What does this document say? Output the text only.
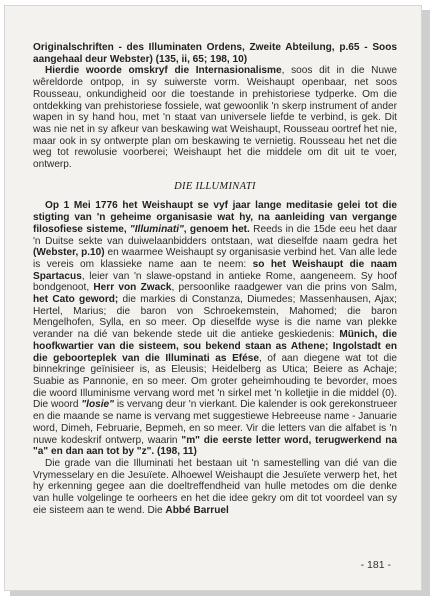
Originalschriften - des Illuminaten Ordens, Zweite Abteilung, p.65 - Soos aangehaal deur Webster) (135, ii, 65; 198, 10)

Hierdie woorde omskryf die Internasionalisme, soos dit in die Nuwe wêreldorde ontpop, in sy suiwerste vorm. Weishaupt openbaar, net soos Rousseau, onkundigheid oor die toestande in prehistoriese tydperke. Om die ontdekking van prehistoriese fossiele, wat gewoonlik 'n skerp instrument of ander wapen in sy hand hou, met 'n staat van universele liefde te verbind, is gek. Dit was nie net in sy afkeur van beskawing wat Weishaupt, Rousseau oortref het nie, maar ook in sy ontwerpte plan om beskawing te vernietig. Rousseau het net die weg tot rewolusie voorberei; Weishaupt het die middele om dit uit te voer, ontwerp.

DIE ILLUMINATI

Op 1 Mei 1776 het Weishaupt se vyf jaar lange meditasie gelei tot die stigting van 'n geheime organisasie wat hy, na aanleiding van vergange filosofiese sisteme, "Illuminati", genoem het. Reeds in die 15de eeu het daar 'n Duitse sekte van duiwelaanbidders ontstaan, wat dieselfde naam gedra het (Webster, p.10) en waarmee Weishaupt sy organisasie verbind het. Van alle lede is vereis om klassieke name aan te neem: so het Weishaupt die naam Spartacus, leier van 'n slawe-opstand in antieke Rome, aangeneem. Sy hoof bondgenoot, Herr von Zwack, persoonlike raadgewer van die prins von Salm, het Cato geword; die markies di Constanza, Diumedes; Massenhausen, Ajax; Hertel, Marius; die baron von Schroekemstein, Mahomed; die baron Mengelhofen, Sylla, en so meer. Op dieselfde wyse is die name van plekke verander na dié van bekende stede uit die antieke geskiedenis: Münich, die hoofkwartier van die sisteem, sou bekend staan as Athene; Ingolstadt en die geboorteplek van die Illuminati as Efése, of aan diegene wat tot die binnekringe geïnisieer is, as Eleusis; Heidelberg as Utica; Beiere as Achaje; Suabie as Pannonie, en so meer. Om groter geheimhouding te bevorder, moes die woord Illuminisme vervang word met 'n sirkel met 'n kolletjie in die middel (0). Die woord "losie" is vervang deur 'n vierkant. Die kalender is ook gerekonstrueer en die maande se name is vervang met suggestiewe Hebreeuse name - Januarie word, Dimeh, Februarie, Bepmeh, en so meer. Vir die letters van die alfabet is 'n nuwe kodeskrif ontwerp, waarin "m" die eerste letter word, terugwerkend na "a" en dan aan tot by "z". (198, 11)

Die grade van die Illuminati het bestaan uit 'n samestelling van dié van die Vrymesselary en die Jesuïete. Alhoewel Weishaupt die Jesuïete verwerp het, het hy erkenning gegee aan die doeltreffendheid van hulle metodes om die denke van hulle volgelinge te oorheers en het die idee gekry om dit tot voordeel van sy eie sisteem aan te wend. Die Abbé Barruel

- 181 -
